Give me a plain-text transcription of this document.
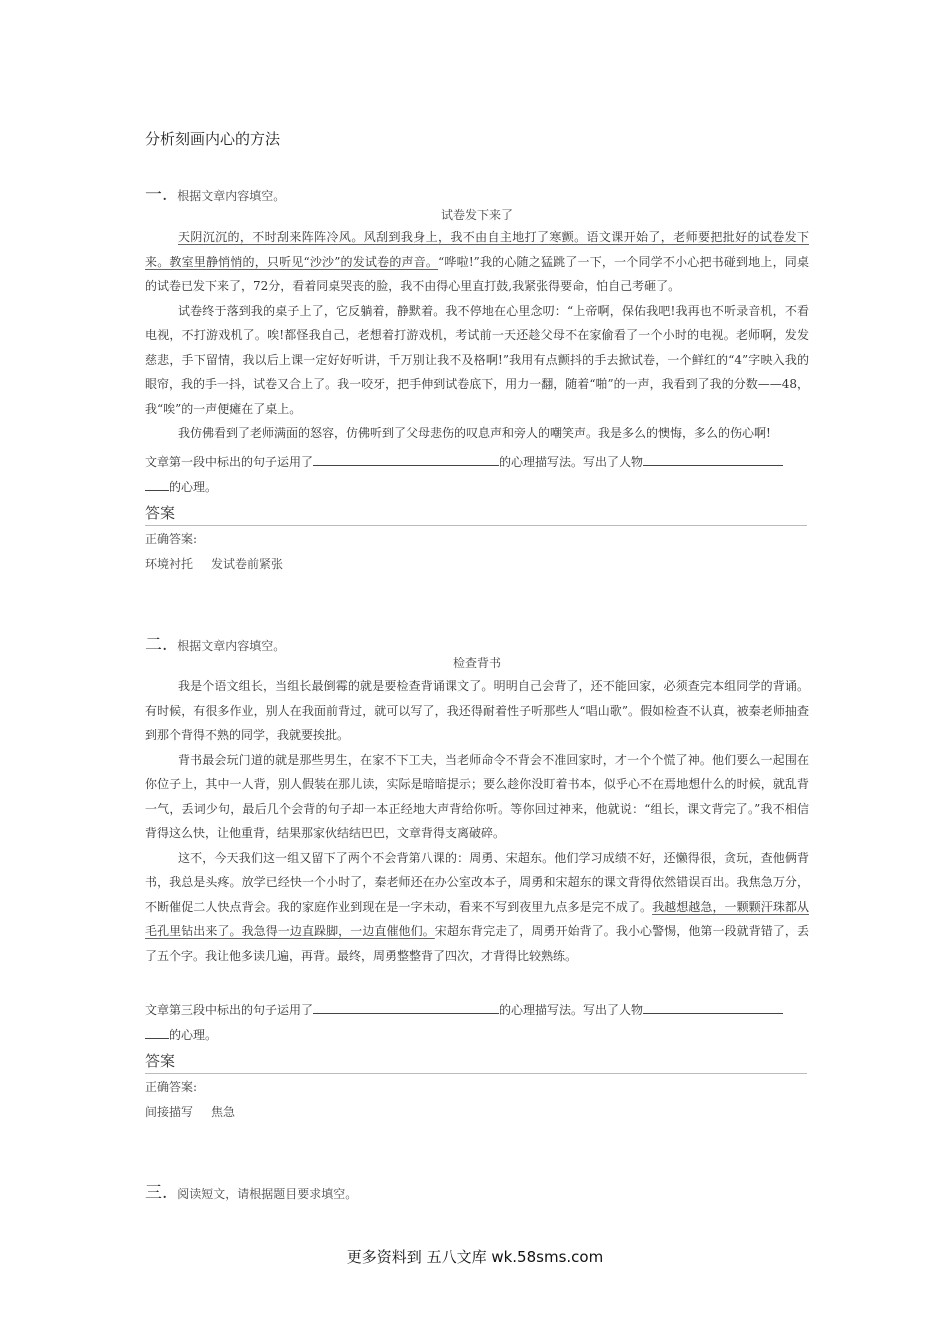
分析刻画内心的方法
一. 根据文章内容填空。
试卷发下来了

天阴沉沉的，不时刮来阵阵冷风。风刮到我身上，我不由自主地打了寒颤。语文课开始了，老师要把批好的试卷发下来。教室里静悄悄的，只听见“沙沙”的发试卷的声音。“哗啦!”我的心随之猛跳了一下，一个同学不小心把书碰到地上，同桌的试卷已发下来了，72分，看着同桌哭丧的脸，我不由得心里直打鼓,我紧张得要命，怕自己考砸了。

试卷终于落到我的桌子上了，它反躺着，静默着。我不停地在心里念叨：“上帝啊，保佑我吧!我再也不听录音机，不看电视，不打游戏机了。唉!都怪我自己，老想着打游戏机，考试前一天还趁父母不在家偷看了一个小时的电视。老师啊，发发慈悲，手下留情，我以后上课一定好好听讲，千万别让我不及格啊!”我用有点颤抖的手去掀试卷，一个鲜红的“4”字映入我的眼帘，我的手一抖，试卷又合上了。我一咬牙，把手伸到试卷底下，用力一翻，随着“啪”的一声，我看到了我的分数——48，我“唉”的一声便瘫在了桌上。

我仿佛看到了老师满面的怒容，仿佛听到了父母悲伤的叹息声和旁人的嘲笑声。我是多么的懊悔，多么的伤心啊!

文章第一段中标出的句子运用了	的心理描写法。写出了人物
的心理。
答案
正确答案:
环境衬托 发试卷前紧张
二. 根据文章内容填空。
检查背书

我是个语文组长，当组长最倒霉的就是要检查背诵课文了。明明自己会背了，还不能回家，必须查完本组同学的背诵。有时候，有很多作业，别人在我面前背过，就可以写了，我还得耐着性子听那些人“唱山歌”。假如检查不认真，被秦老师抽查到那个背得不熟的同学，我就要挨批。

背书最会玩门道的就是那些男生，在家不下工夫，当老师命令不背会不准回家时，才一个个慌了神。他们要么一起围在你位子上，其中一人背，别人假装在那儿读，实际是暗暗提示；要么趁你没盯着书本，似乎心不在焉地想什么的时候，就乱背一气，丢词少句，最后几个会背的句子却一本正经地大声背给你听。等你回过神来，他就说：“组长，课文背完了。”我不相信背得这么快，让他重背，结果那家伙结结巴巴，文章背得支离破碎。

这不，今天我们这一组又留下了两个不会背第八课的：周勇、宋超东。他们学习成绩不好，还懒得很，贪玩，查他俩背书，我总是头疼。放学已经快一个小时了，秦老师还在办公室改本子，周勇和宋超东的课文背得依然错误百出。我焦急万分，不断催促二人快点背会。我的家庭作业到现在是一字未动，看来不写到夜里九点多是完不成了。我越想越急，一颗颗汗珠都从毛孔里钻出来了。我急得一边直跺脚，一边直催他们。宋超东背完走了，周勇开始背了。我小心警惕，他第一段就背错了，丢了五个字。我让他多读几遍，再背。最终，周勇整整背了四次，才背得比较熟练。

文章第三段中标出的句子运用了	的心理描写法。写出了人物
的心理。
答案
正确答案:
间接描写 焦急
三. 阅读短文，请根据题目要求填空。
更多资料到 五八文库 wk.58sms.com
